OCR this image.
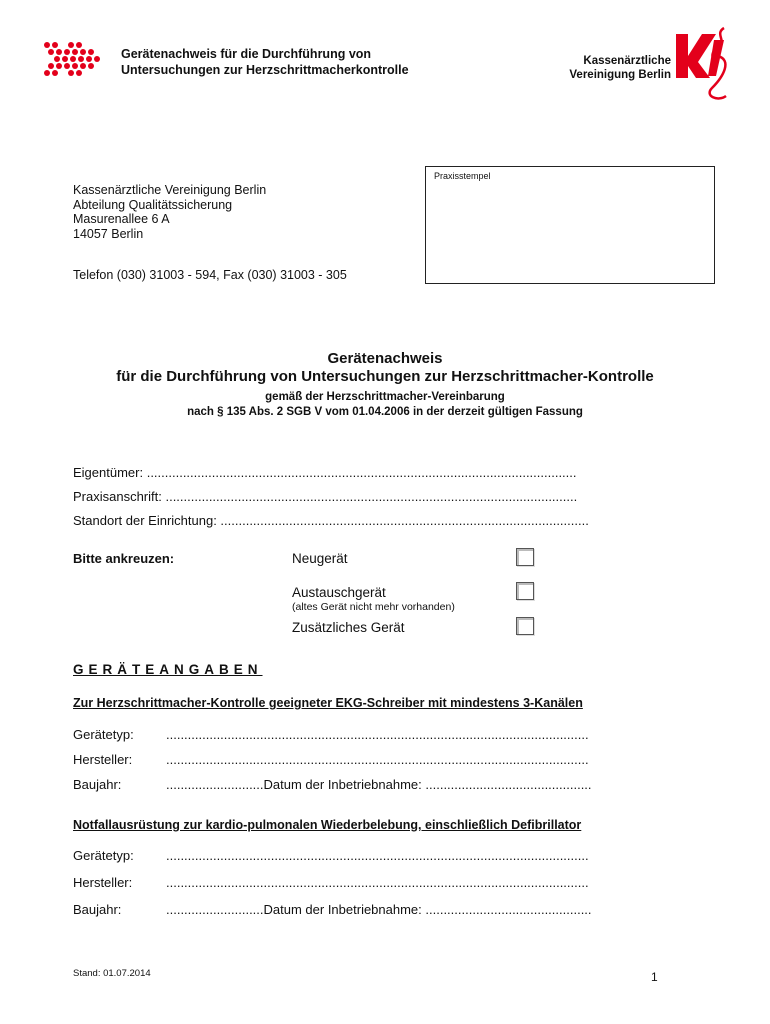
Gerätenachweis für die Durchführung von
Untersuchungen zur Herzschrittmacherkontrolle
Kassenärztliche
Vereinigung Berlin
Praxisstempel
Kassenärztliche Vereinigung Berlin
Abteilung Qualitätssicherung
Masurenallee 6 A
14057 Berlin
Telefon (030) 31003 - 594, Fax (030) 31003 - 305
Gerätenachweis
für die Durchführung von Untersuchungen zur Herzschrittmacher-Kontrolle
gemäß der Herzschrittmacher-Vereinbarung
nach § 135 Abs. 2 SGB V vom 01.04.2006 in der derzeit gültigen Fassung
Eigentümer: .......................................................................................................................
Praxisanschrift: ..................................................................................................................
Standort der Einrichtung: ......................................................................................................
Bitte ankreuzen:	Neugerät
Austauschgerät
(altes Gerät nicht mehr vorhanden)
Zusätzliches Gerät
GERÄTEANGABEN
Zur Herzschrittmacher-Kontrolle geeigneter EKG-Schreiber mit mindestens 3-Kanälen
Gerätetyp: .....................................................................................................................
Hersteller:	.....................................................................................................................
Baujahr:	...........................Datum der Inbetriebnahme: ..............................................
Notfallausrüstung zur kardio-pulmonalen Wiederbelebung, einschließlich Defibrillator
Gerätetyp: .....................................................................................................................
Hersteller:	.....................................................................................................................
Baujahr:	...........................Datum der Inbetriebnahme: ..............................................
Stand: 01.07.2014	1
